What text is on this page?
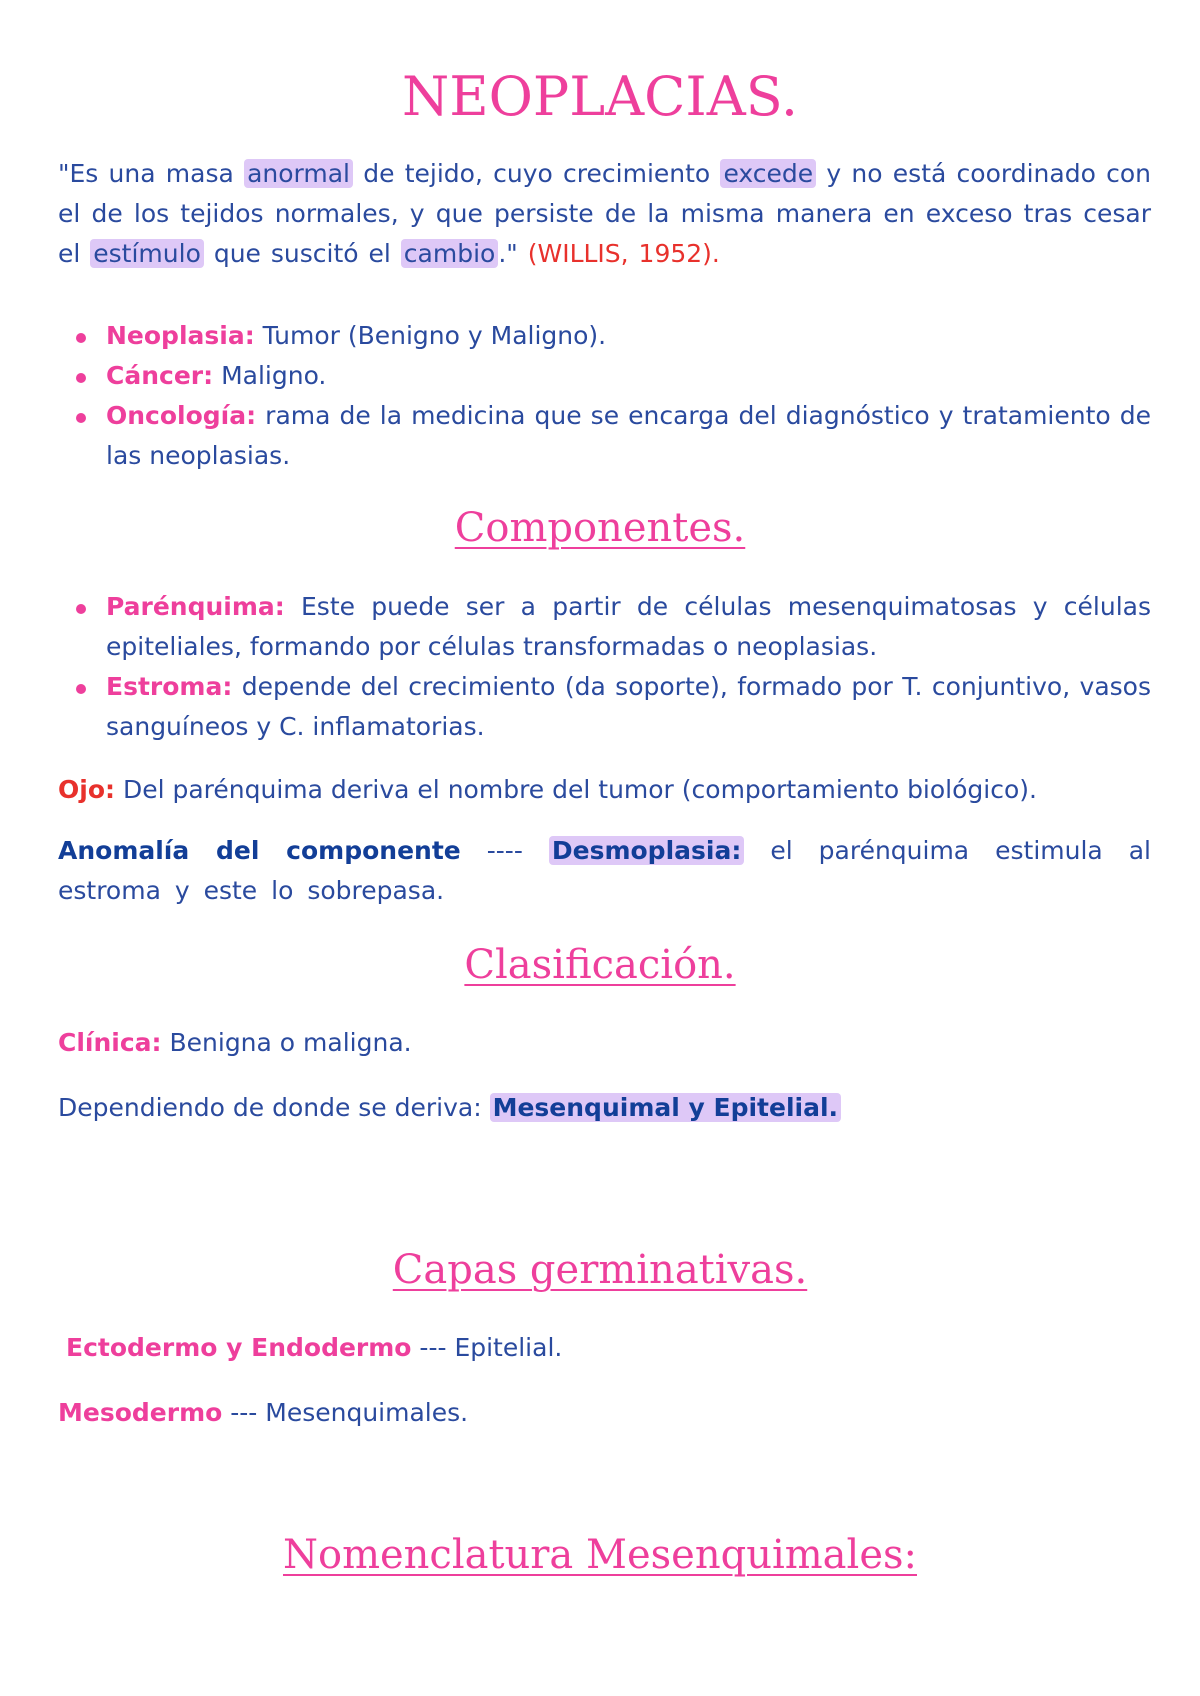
NEOPLACIAS.

"Es una masa anormal de tejido, cuyo crecimiento excede y no está coordinado con el de los tejidos normales, y que persiste de la misma manera en exceso tras cesar el estímulo que suscitó el cambio ." (WILLIS, 1952).

Neoplasia: Tumor (Benigno y Maligno).
Cáncer: Maligno.
Oncología: rama de la medicina que se encarga del diagnóstico y tratamiento de las neoplasias.
Componentes.
Parénquima: Este puede ser a partir de células mesenquimatosas y células epiteliales, formando por células transformadas o neoplasias.
Estroma: depende del crecimiento (da soporte), formado por T. conjuntivo, vasos sanguíneos y C. inflamatorias.

Ojo: Del parénquima deriva el nombre del tumor (comportamiento biológico).

Anomalía del componente ---- Desmoplasia: el parénquima estimula al estroma y este lo sobrepasa.

Clasificación.

Clínica: Benigna o maligna.

Dependiendo de donde se deriva: Mesenquimal y Epitelial.

Capas germinativas.

Ectodermo y Endodermo --- Epitelial.

Mesodermo --- Mesenquimales.

Nomenclatura Mesenquimales:
